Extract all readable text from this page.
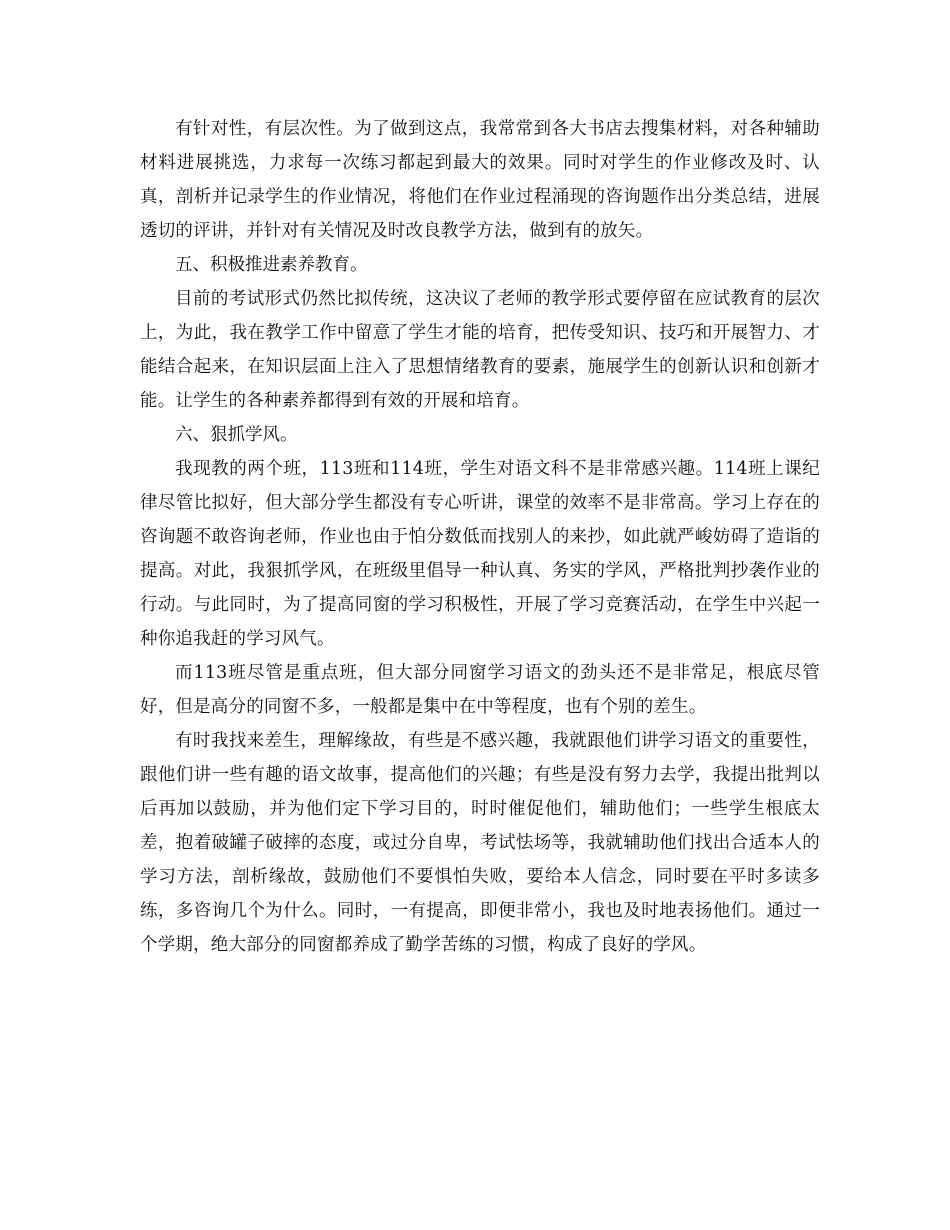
有针对性，有层次性。为了做到这点，我常常到各大书店去搜集材料，对各种辅助材料进展挑选，力求每一次练习都起到最大的效果。同时对学生的作业修改及时、认真，剖析并记录学生的作业情况，将他们在作业过程涌现的咨询题作出分类总结，进展透切的评讲，并针对有关情况及时改良教学方法，做到有的放矢。

五、积极推进素养教育。

目前的考试形式仍然比拟传统，这决议了老师的教学形式要停留在应试教育的层次上，为此，我在教学工作中留意了学生才能的培育，把传受知识、技巧和开展智力、才能结合起来，在知识层面上注入了思想情绪教育的要素，施展学生的创新认识和创新才能。让学生的各种素养都得到有效的开展和培育。

六、狠抓学风。

我现教的两个班，113班和114班，学生对语文科不是非常感兴趣。114班上课纪律尽管比拟好，但大部分学生都没有专心听讲，课堂的效率不是非常高。学习上存在的咨询题不敢咨询老师，作业也由于怕分数低而找别人的来抄，如此就严峻妨碍了造诣的提高。对此，我狠抓学风，在班级里倡导一种认真、务实的学风，严格批判抄袭作业的行动。与此同时，为了提高同窗的学习积极性，开展了学习竞赛活动，在学生中兴起一种你追我赶的学习风气。

而113班尽管是重点班，但大部分同窗学习语文的劲头还不是非常足，根底尽管好，但是高分的同窗不多，一般都是集中在中等程度，也有个别的差生。

有时我找来差生，理解缘故，有些是不感兴趣，我就跟他们讲学习语文的重要性，跟他们讲一些有趣的语文故事，提高他们的兴趣；有些是没有努力去学，我提出批判以后再加以鼓励，并为他们定下学习目的，时时催促他们，辅助他们；一些学生根底太差，抱着破罐子破摔的态度，或过分自卑，考试怯场等，我就辅助他们找出合适本人的学习方法，剖析缘故，鼓励他们不要惧怕失败，要给本人信念，同时要在平时多读多练，多咨询几个为什么。同时，一有提高，即便非常小，我也及时地表扬他们。通过一个学期，绝大部分的同窗都养成了勤学苦练的习惯，构成了良好的学风。
